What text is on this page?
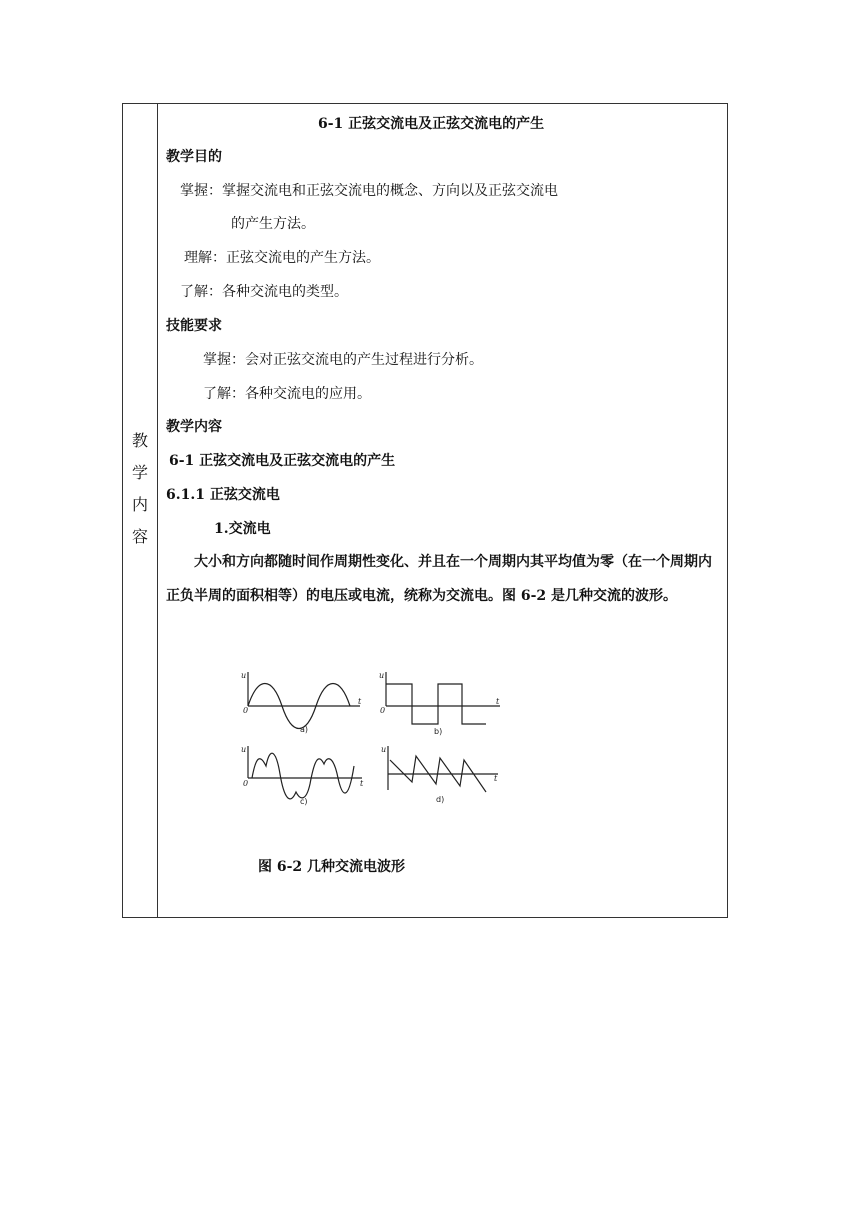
教
学
内
容
6-1 正弦交流电及正弦交流电的产生
教学目的
掌握：掌握交流电和正弦交流电的概念、方向以及正弦交流电
的产生方法。
理解：正弦交流电的产生方法。
了解：各种交流电的类型。
技能要求
掌握：会对正弦交流电的产生过程进行分析。
了解：各种交流电的应用。
教学内容
6-1 正弦交流电及正弦交流电的产生
6.1.1 正弦交流电
1.交流电
大小和方向都随时间作周期性变化、并且在一个周期内其平均值为零（在一个周期内正负半周的面积相等）的电压或电流，统称为交流电。图 6-2 是几种交流的波形。
u
t
0
u
t
0
u
t
0
u
t
a)	b)
c)	d)
图 6-2 几种交流电波形
